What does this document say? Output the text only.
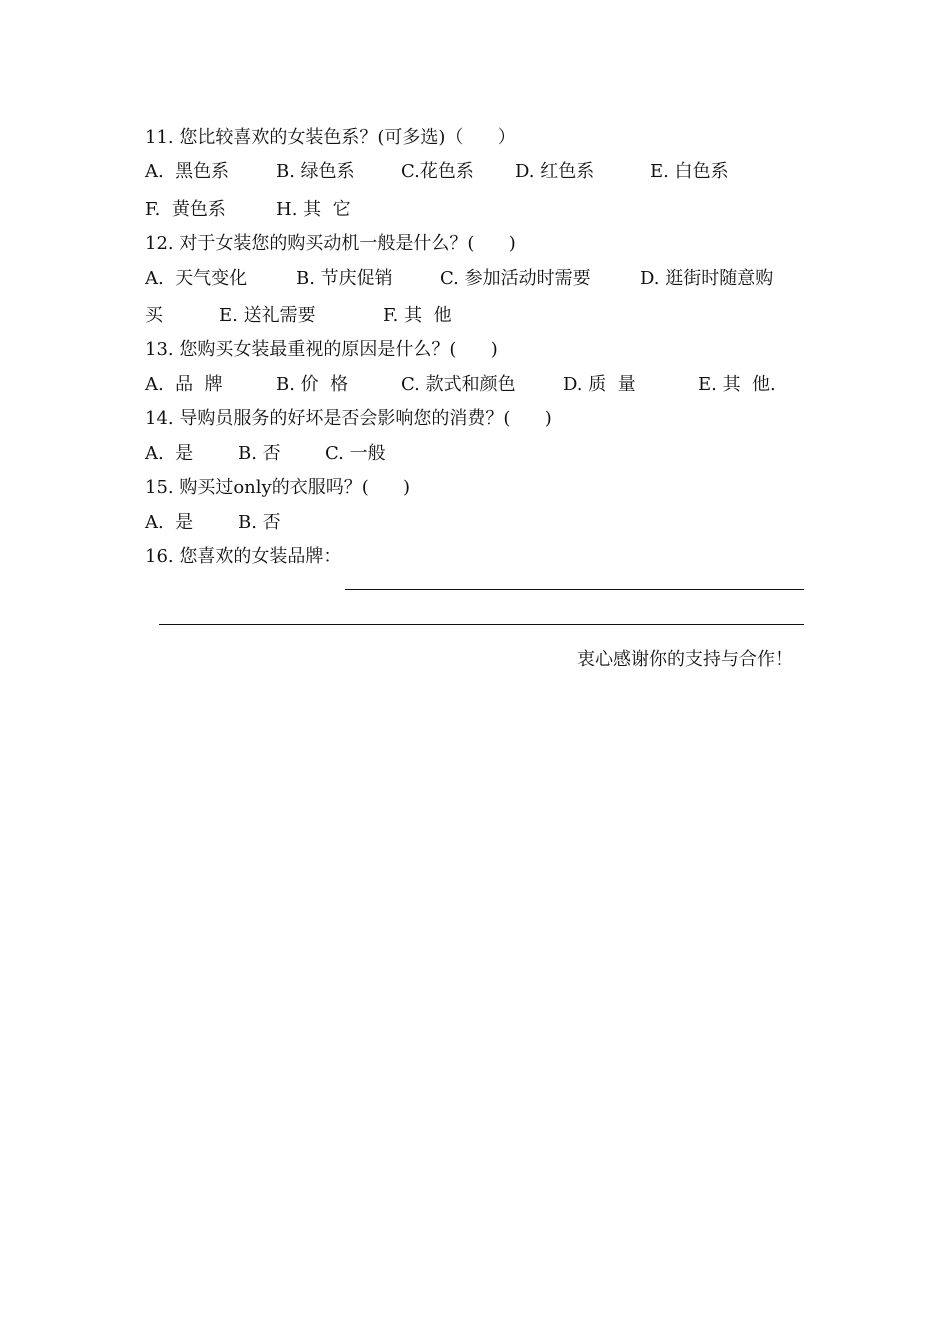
11. 您比较喜欢的女装色系？(可多选)（      ）
A.  黑色系	B. 绿色系	C.花色系 D. 红色系	E. 白色系
F.  黄色系	H. 其  它
12. 对于女装您的购买动机一般是什么？(      )
A.  天气变化	B. 节庆促销	C. 参加活动时需要	D. 逛街时随意购
买	E. 送礼需要	F. 其  他
13. 您购买女装最重视的原因是什么？(      )
A.  品  牌	B. 价  格	C. 款式和颜色	D. 质  量	E. 其  他.
14. 导购员服务的好坏是否会影响您的消费？(      )
A.  是 B. 否 C. 一般
15. 购买过only的衣服吗？(      )
A.  是 B. 否
16. 您喜欢的女装品牌：
衷心感谢你的支持与合作！
